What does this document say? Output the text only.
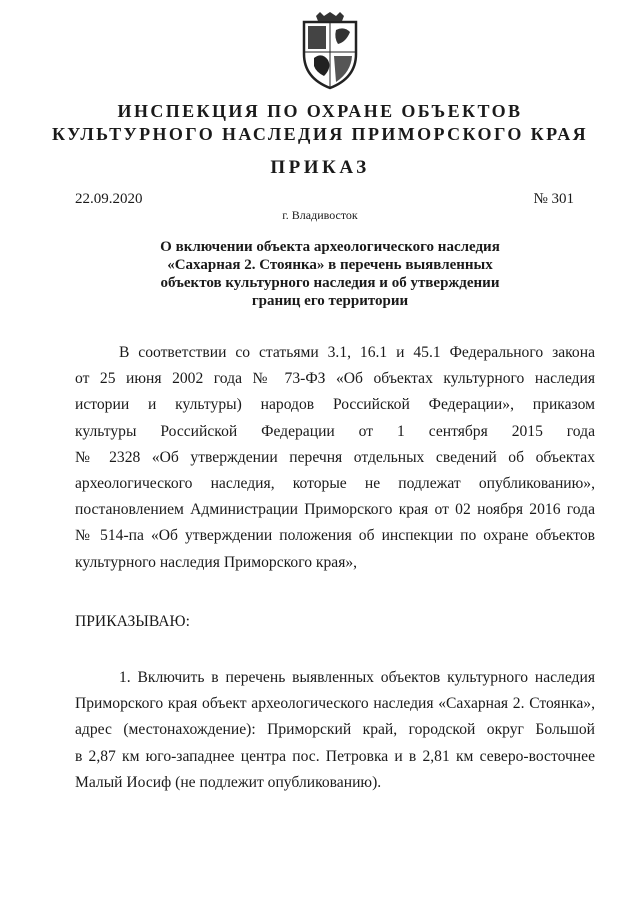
ИНСПЕКЦИЯ ПО ОХРАНЕ ОБЪЕКТОВ
КУЛЬТУРНОГО НАСЛЕДИЯ ПРИМОРСКОГО КРАЯ
ПРИКАЗ
22.09.2020	№ 301
г. Владивосток
О включении объекта археологического наследия
«Сахарная 2. Стоянка» в перечень выявленных
объектов культурного наследия и об утверждении
границ его территории
В соответствии со статьями 3.1, 16.1 и 45.1 Федерального закона
от 25 июня 2002 года № 73-ФЗ «Об объектах культурного наследия
истории и культуры) народов Российской Федерации», приказом
культуры Российской Федерации от 1 сентября 2015 года
№ 2328 «Об утверждении перечня отдельных сведений об объектах
археологического наследия, которые не подлежат опубликованию»,
постановлением Администрации Приморского края от 02 ноября 2016 года
№ 514-па «Об утверждении положения об инспекции по охране объектов
культурного наследия Приморского края»,
ПРИКАЗЫВАЮ:
1. Включить в перечень выявленных объектов культурного наследия
Приморского края объект археологического наследия «Сахарная 2. Стоянка»,
адрес (местонахождение): Приморский край, городской округ Большой
в 2,87 км юго-западнее центра пос. Петровка и в 2,81 км северо-восточнее
Малый Иосиф (не подлежит опубликованию).
